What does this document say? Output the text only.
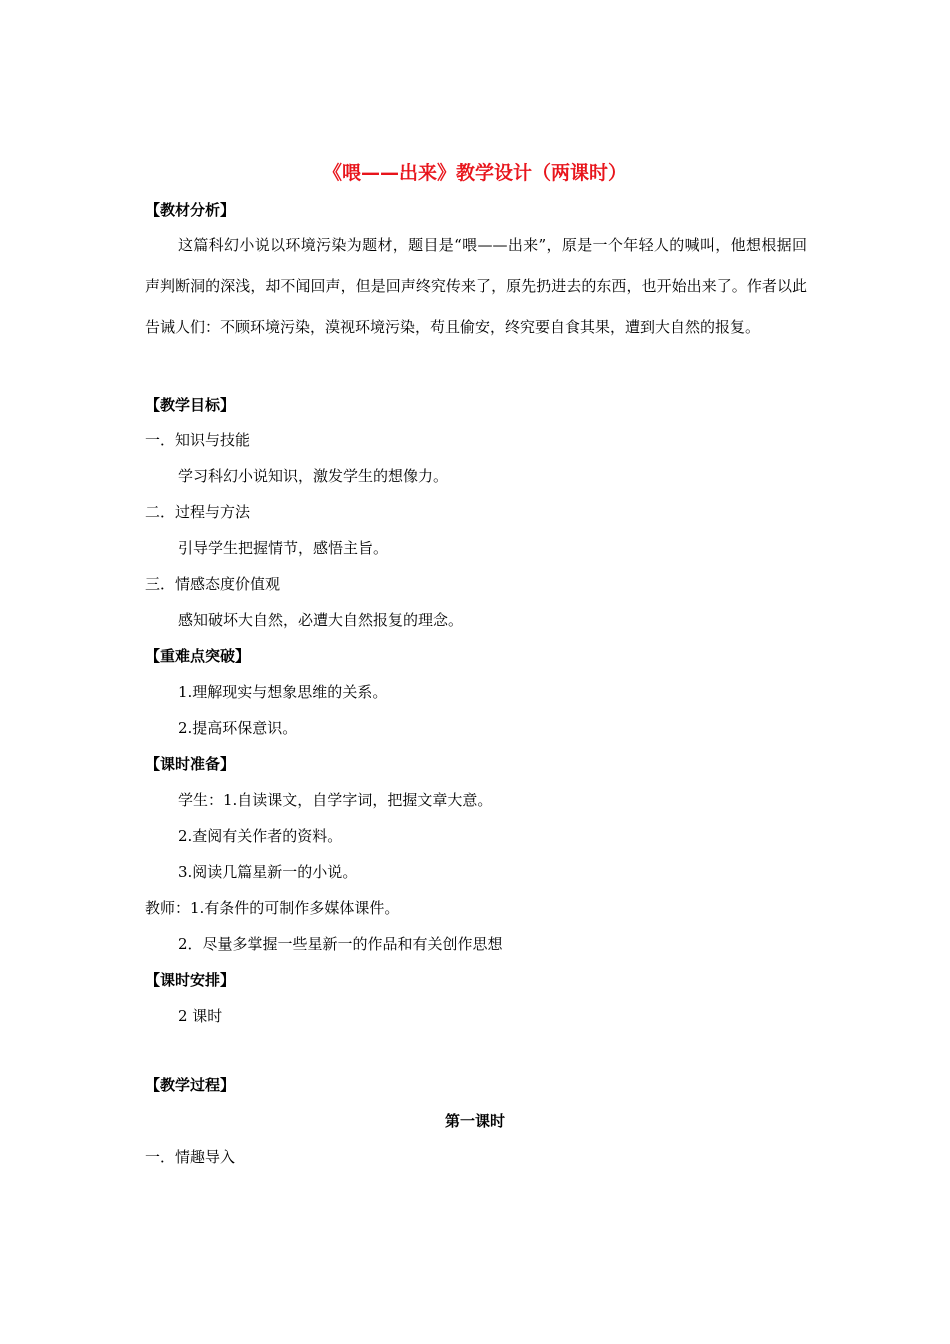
《喂——出来》教学设计（两课时）
【教材分析】
这篇科幻小说以环境污染为题材，题目是“喂——出来”，原是一个年轻人的喊叫，他想根据回声判断洞的深浅，却不闻回声，但是回声终究传来了，原先扔进去的东西，也开始出来了。作者以此告诫人们：不顾环境污染，漠视环境污染，苟且偷安，终究要自食其果，遭到大自然的报复。
【教学目标】
一．知识与技能
学习科幻小说知识，激发学生的想像力。
二．过程与方法
引导学生把握情节，感悟主旨。
三．情感态度价值观
感知破坏大自然，必遭大自然报复的理念。
【重难点突破】
1.理解现实与想象思维的关系。
2.提高环保意识。
【课时准备】
学生：1.自读课文，自学字词，把握文章大意。
2.查阅有关作者的资料。
3.阅读几篇星新一的小说。
教师：1.有条件的可制作多媒体课件。
2．尽量多掌握一些星新一的作品和有关创作思想
【课时安排】
2 课时
【教学过程】
第一课时
一．情趣导入
